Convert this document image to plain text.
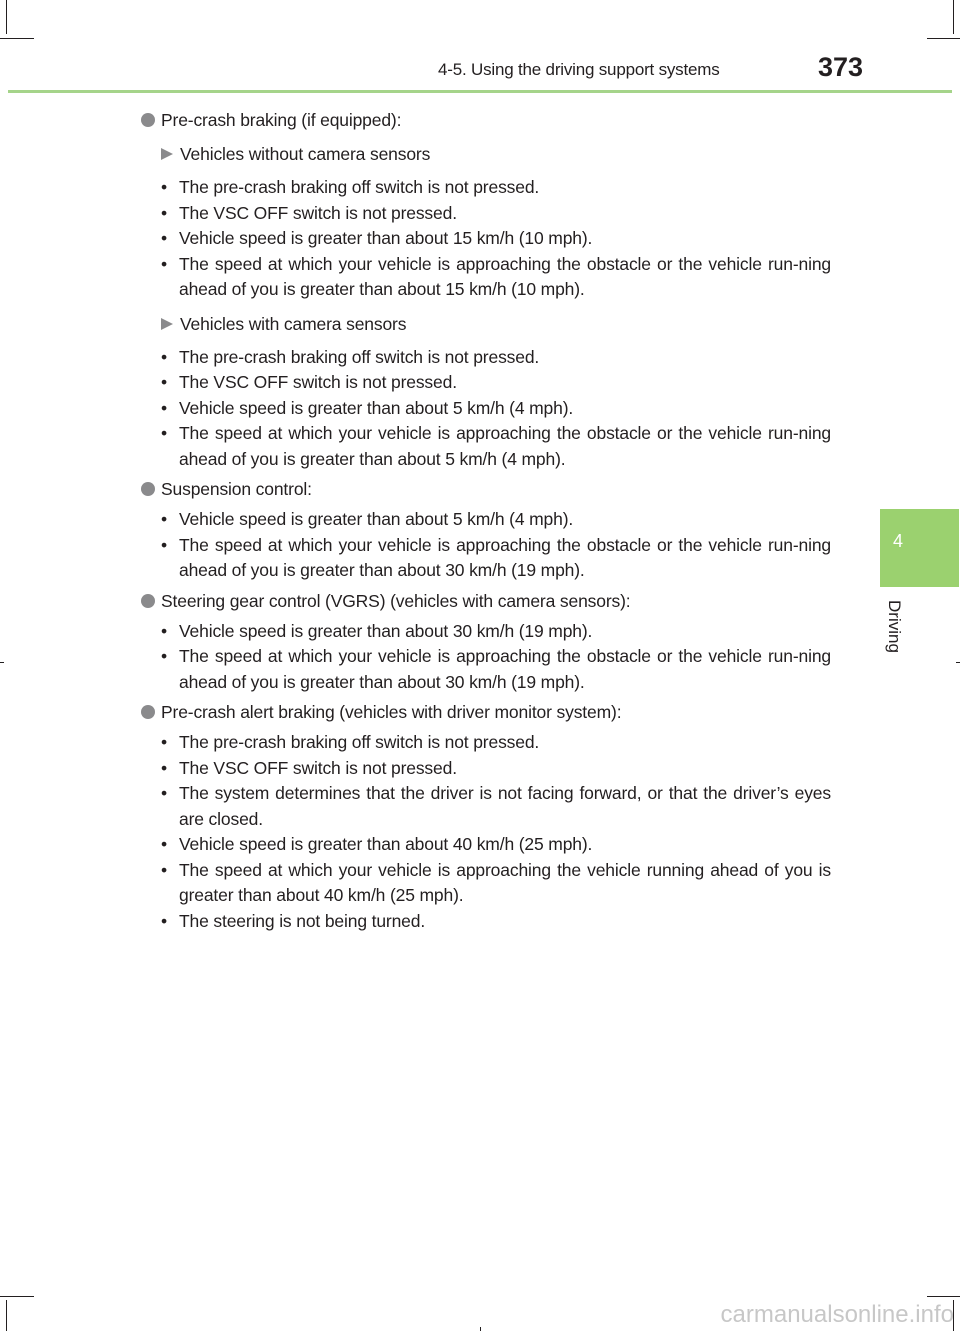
4-5. Using the driving support systems	373
4
Driving
Pre-crash braking (if equipped):
Vehicles without camera sensors
• The pre-crash braking off switch is not pressed.
• The VSC OFF switch is not pressed.
• Vehicle speed is greater than about 15 km/h (10 mph).
• The speed at which your vehicle is approaching the obstacle or the vehicle run-ning ahead of you is greater than about 15 km/h (10 mph).
Vehicles with camera sensors
• The pre-crash braking off switch is not pressed.
• The VSC OFF switch is not pressed.
• Vehicle speed is greater than about 5 km/h (4 mph).
• The speed at which your vehicle is approaching the obstacle or the vehicle run-ning ahead of you is greater than about 5 km/h (4 mph).
Suspension control:
• Vehicle speed is greater than about 5 km/h (4 mph).
• The speed at which your vehicle is approaching the obstacle or the vehicle run-ning ahead of you is greater than about 30 km/h (19 mph).
Steering gear control (VGRS) (vehicles with camera sensors):
• Vehicle speed is greater than about 30 km/h (19 mph).
• The speed at which your vehicle is approaching the obstacle or the vehicle run-ning ahead of you is greater than about 30 km/h (19 mph).
Pre-crash alert braking (vehicles with driver monitor system):
• The pre-crash braking off switch is not pressed.
• The VSC OFF switch is not pressed.
• The system determines that the driver is not facing forward, or that the driver’s eyes are closed.
• Vehicle speed is greater than about 40 km/h (25 mph).
• The speed at which your vehicle is approaching the vehicle running ahead of you is greater than about 40 km/h (25 mph).
• The steering is not being turned.
carmanualsonline.info
